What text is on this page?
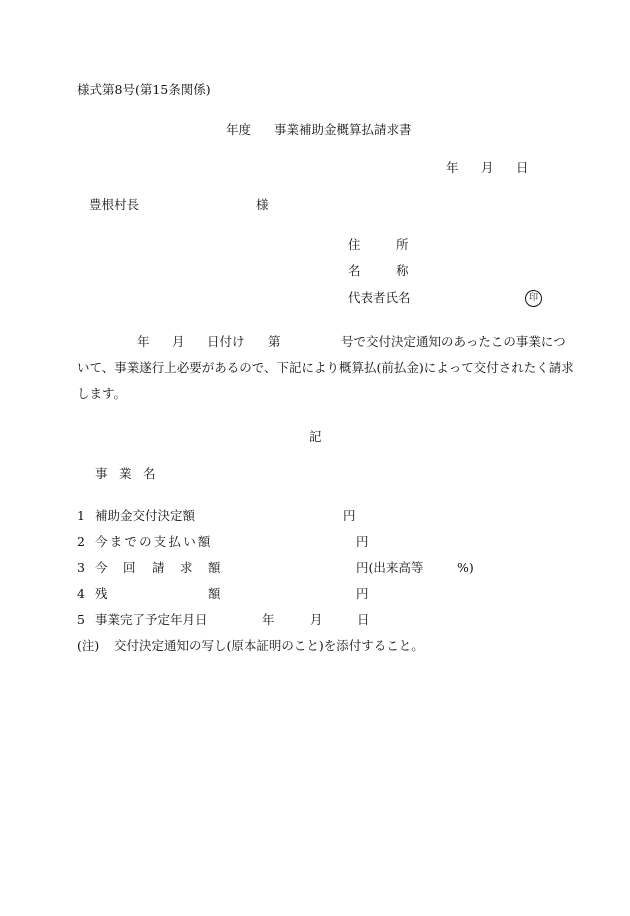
様式第8号(第15条関係)
年度 事業補助金概算払請求書
年 月 日
豊根村長	様
住	所
名	称
代表者氏名	印
年 月 日付け 第	号で交付決定通知のあったこの事業につ
いて、事業遂行上必要があるので、下記により概算払(前払金)によって交付されたく請求
します。
記
事 業 名
1 補助金交付決定額	円
2 今までの支払い額	円
3 今 回 請 求 額	円(出来高等	%)
4 残	額	円
5 事業完了予定年月日	年	月	日
(注) 交付決定通知の写し(原本証明のこと)を添付すること。
